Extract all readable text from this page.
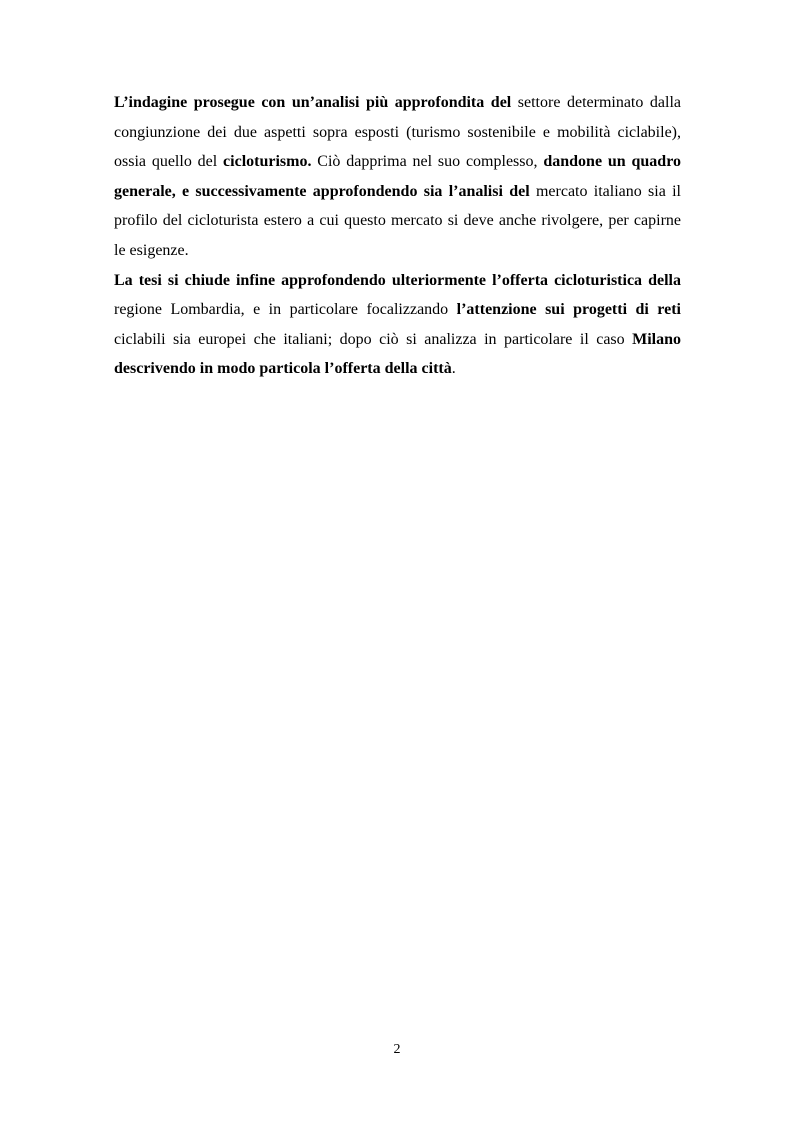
L’indagine prosegue con un’analisi più approfondita del settore determinato dalla congiunzione dei due aspetti sopra esposti (turismo sostenibile e mobilità ciclabile), ossia quello del cicloturismo. Ciò dapprima nel suo complesso, dandone un quadro generale, e successivamente approfondendo sia l’analisi del mercato italiano sia il profilo del cicloturista estero a cui questo mercato si deve anche rivolgere, per capirne le esigenze.

La tesi si chiude infine approfondendo ulteriormente l’offerta cicloturistica della regione Lombardia, e in particolare focalizzando l’attenzione sui progetti di reti ciclabili sia europei che italiani; dopo ciò si analizza in particolare il caso Milano descrivendo in modo particola l’offerta della città.

2
